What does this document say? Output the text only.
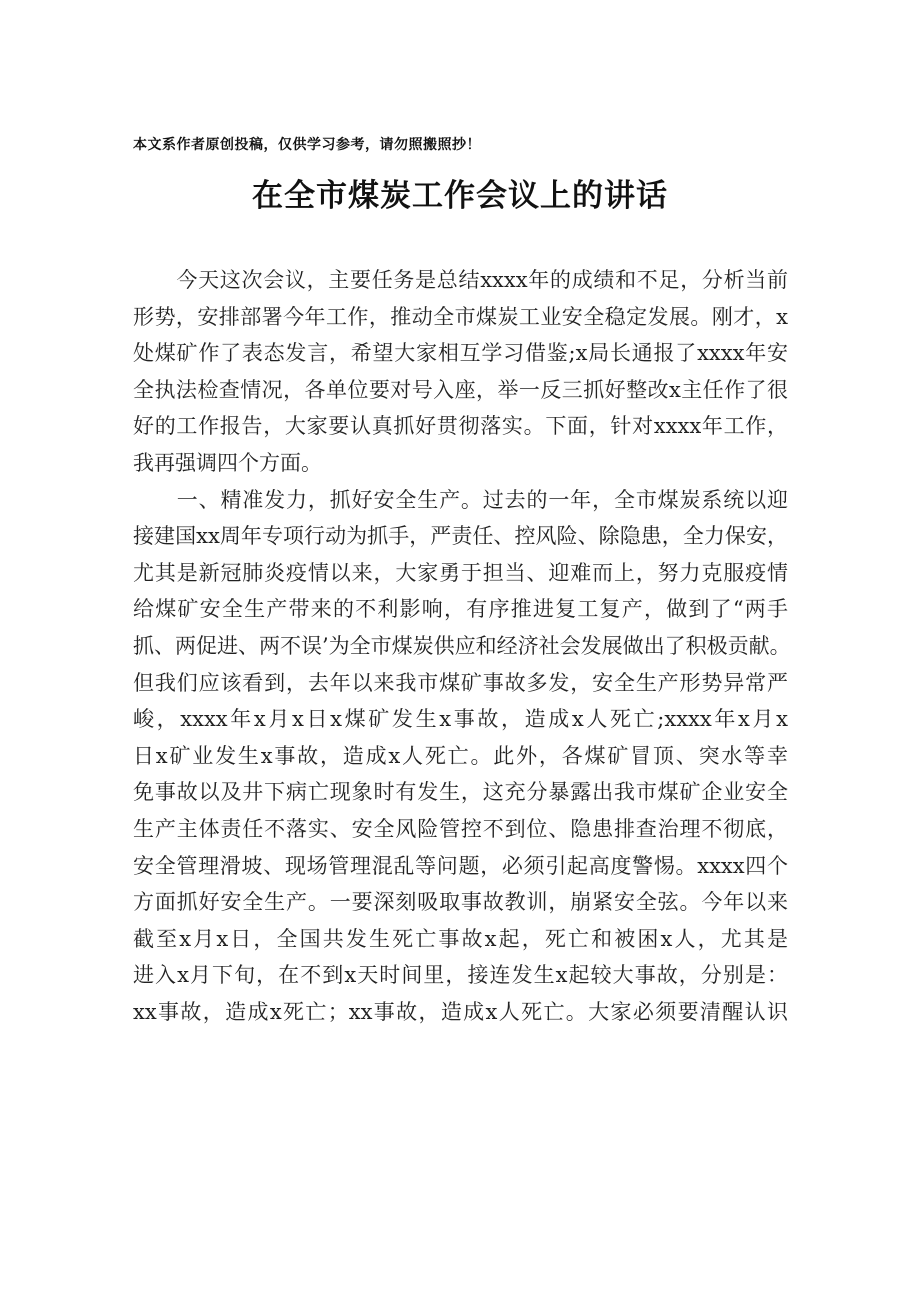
本文系作者原创投稿，仅供学习参考，请勿照搬照抄！
在全市煤炭工作会议上的讲话
　　今天这次会议，主要任务是总结xxxx年的成绩和不足，分析当前
形势，安排部署今年工作，推动全市煤炭工业安全稳定发展。刚才，x
处煤矿作了表态发言，希望大家相互学习借鉴;x局长通报了xxxx年安
全执法检查情况，各单位要对号入座，举一反三抓好整改x主任作了很
好的工作报告，大家要认真抓好贯彻落实。下面，针对xxxx年工作，
我再强调四个方面。
　　一、精准发力，抓好安全生产。过去的一年，全市煤炭系统以迎
接建国xx周年专项行动为抓手，严责任、控风险、除隐患，全力保安，
尤其是新冠肺炎疫情以来，大家勇于担当、迎难而上，努力克服疫情
给煤矿安全生产带来的不利影响，有序推进复工复产，做到了“两手
抓、两促进、两不误’为全市煤炭供应和经济社会发展做出了积极贡献。
但我们应该看到，去年以来我市煤矿事故多发，安全生产形势异常严
峻，xxxx年x月x日x煤矿发生x事故，造成x人死亡;xxxx年x月x
日x矿业发生x事故，造成x人死亡。此外，各煤矿冒顶、突水等幸
免事故以及井下病亡现象时有发生，这充分暴露出我市煤矿企业安全
生产主体责任不落实、安全风险管控不到位、隐患排查治理不彻底，
安全管理滑坡、现场管理混乱等问题，必须引起高度警惕。xxxx四个
方面抓好安全生产。一要深刻吸取事故教训，崩紧安全弦。今年以来
截至x月x日，全国共发生死亡事故x起，死亡和被困x人，尤其是
进入x月下旬，在不到x天时间里，接连发生x起较大事故，分别是：
xx事故，造成x死亡；xx事故，造成x人死亡。大家必须要清醒认识
